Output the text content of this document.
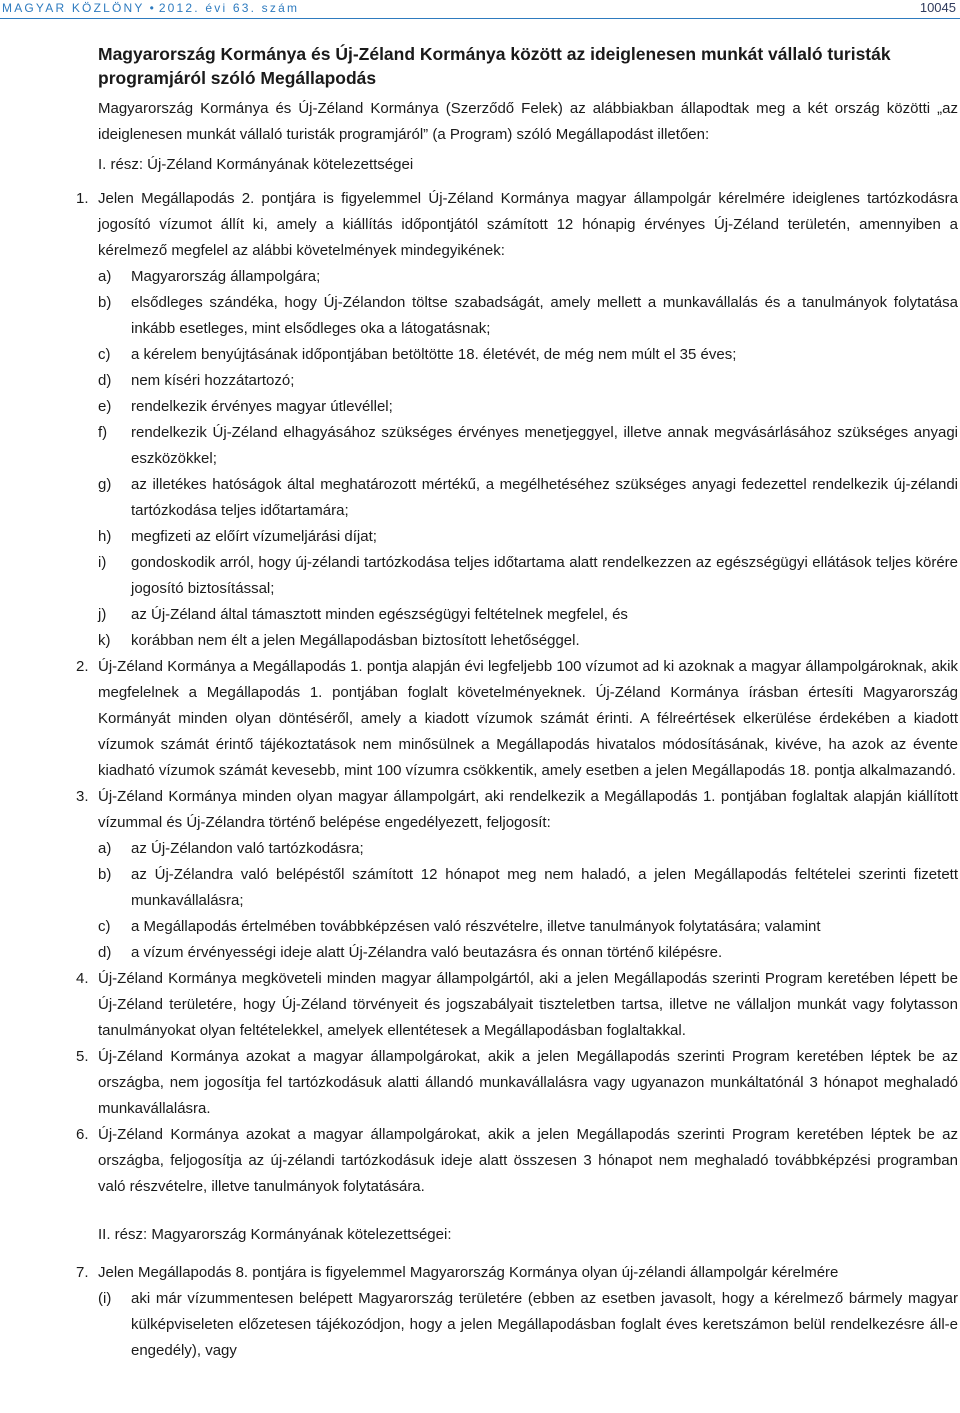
MAGYAR KÖZLÖNY • 2012. évi 63. szám	10045
Magyarország Kormánya és Új-Zéland Kormánya között az ideiglenesen munkát vállaló turisták programjáról szóló Megállapodás

Magyarország Kormánya és Új-Zéland Kormánya (Szerződő Felek) az alábbiakban állapodtak meg a két ország közötti „az ideiglenesen munkát vállaló turisták programjáról” (a Program) szóló Megállapodást illetően:

I. rész: Új-Zéland Kormányának kötelezettségei
1. Jelen Megállapodás 2. pontjára is figyelemmel Új-Zéland Kormánya magyar állampolgár kérelmére ideiglenes tartózkodásra jogosító vízumot állít ki, amely a kiállítás időpontjától számított 12 hónapig érvényes Új-Zéland területén, amennyiben a kérelmező megfelel az alábbi követelmények mindegyikének:

a) Magyarország állampolgára;
b) elsődleges szándéka, hogy Új-Zélandon töltse szabadságát, amely mellett a munkavállalás és a tanulmányok folytatása inkább esetleges, mint elsődleges oka a látogatásnak;
c) a kérelem benyújtásának időpontjában betöltötte 18. életévét, de még nem múlt el 35 éves;
d) nem kíséri hozzátartozó;
e) rendelkezik érvényes magyar útlevéllel;
f) rendelkezik Új-Zéland elhagyásához szükséges érvényes menetjeggyel, illetve annak megvásárlásához szükséges anyagi eszközökkel;
g) az illetékes hatóságok által meghatározott mértékű, a megélhetéséhez szükséges anyagi fedezettel rendelkezik új-zélandi tartózkodása teljes időtartamára;
h) megfizeti az előírt vízumeljárási díjat;
i) gondoskodik arról, hogy új-zélandi tartózkodása teljes időtartama alatt rendelkezzen az egészségügyi ellátások teljes körére jogosító biztosítással;
j) az Új-Zéland által támasztott minden egészségügyi feltételnek megfelel, és
k) korábban nem élt a jelen Megállapodásban biztosított lehetőséggel.
2. Új-Zéland Kormánya a Megállapodás 1. pontja alapján évi legfeljebb 100 vízumot ad ki azoknak a magyar állampolgároknak, akik megfelelnek a Megállapodás 1. pontjában foglalt követelményeknek. Új-Zéland Kormánya írásban értesíti Magyarország Kormányát minden olyan döntéséről, amely a kiadott vízumok számát érinti. A félreértések elkerülése érdekében a kiadott vízumok számát érintő tájékoztatások nem minősülnek a Megállapodás hivatalos módosításának, kivéve, ha azok az évente kiadható vízumok számát kevesebb, mint 100 vízumra csökkentik, amely esetben a jelen Megállapodás 18. pontja alkalmazandó.

3. Új-Zéland Kormánya minden olyan magyar állampolgárt, aki rendelkezik a Megállapodás 1. pontjában foglaltak alapján kiállított vízummal és Új-Zélandra történő belépése engedélyezett, feljogosít:

a) az Új-Zélandon való tartózkodásra;
b) az Új-Zélandra való belépéstől számított 12 hónapot meg nem haladó, a jelen Megállapodás feltételei szerinti fizetett munkavállalásra;
c) a Megállapodás értelmében továbbképzésen való részvételre, illetve tanulmányok folytatására; valamint
d) a vízum érvényességi ideje alatt Új-Zélandra való beutazásra és onnan történő kilépésre.
4. Új-Zéland Kormánya megköveteli minden magyar állampolgártól, aki a jelen Megállapodás szerinti Program keretében lépett be Új-Zéland területére, hogy Új-Zéland törvényeit és jogszabályait tiszteletben tartsa, illetve ne vállaljon munkát vagy folytasson tanulmányokat olyan feltételekkel, amelyek ellentétesek a Megállapodásban foglaltakkal.

5. Új-Zéland Kormánya azokat a magyar állampolgárokat, akik a jelen Megállapodás szerinti Program keretében léptek be az országba, nem jogosítja fel tartózkodásuk alatti állandó munkavállalásra vagy ugyanazon munkáltatónál 3 hónapot meghaladó munkavállalásra.

6. Új-Zéland Kormánya azokat a magyar állampolgárokat, akik a jelen Megállapodás szerinti Program keretében léptek be az országba, feljogosítja az új-zélandi tartózkodásuk ideje alatt összesen 3 hónapot nem meghaladó továbbképzési programban való részvételre, illetve tanulmányok folytatására.

II. rész: Magyarország Kormányának kötelezettségei:
7. Jelen Megállapodás 8. pontjára is figyelemmel Magyarország Kormánya olyan új-zélandi állampolgár kérelmére

(i) aki már vízummentesen belépett Magyarország területére (ebben az esetben javasolt, hogy a kérelmező bármely magyar külképviseleten előzetesen tájékozódjon, hogy a jelen Megállapodásban foglalt éves keretszámon belül rendelkezésre áll-e engedély), vagy
